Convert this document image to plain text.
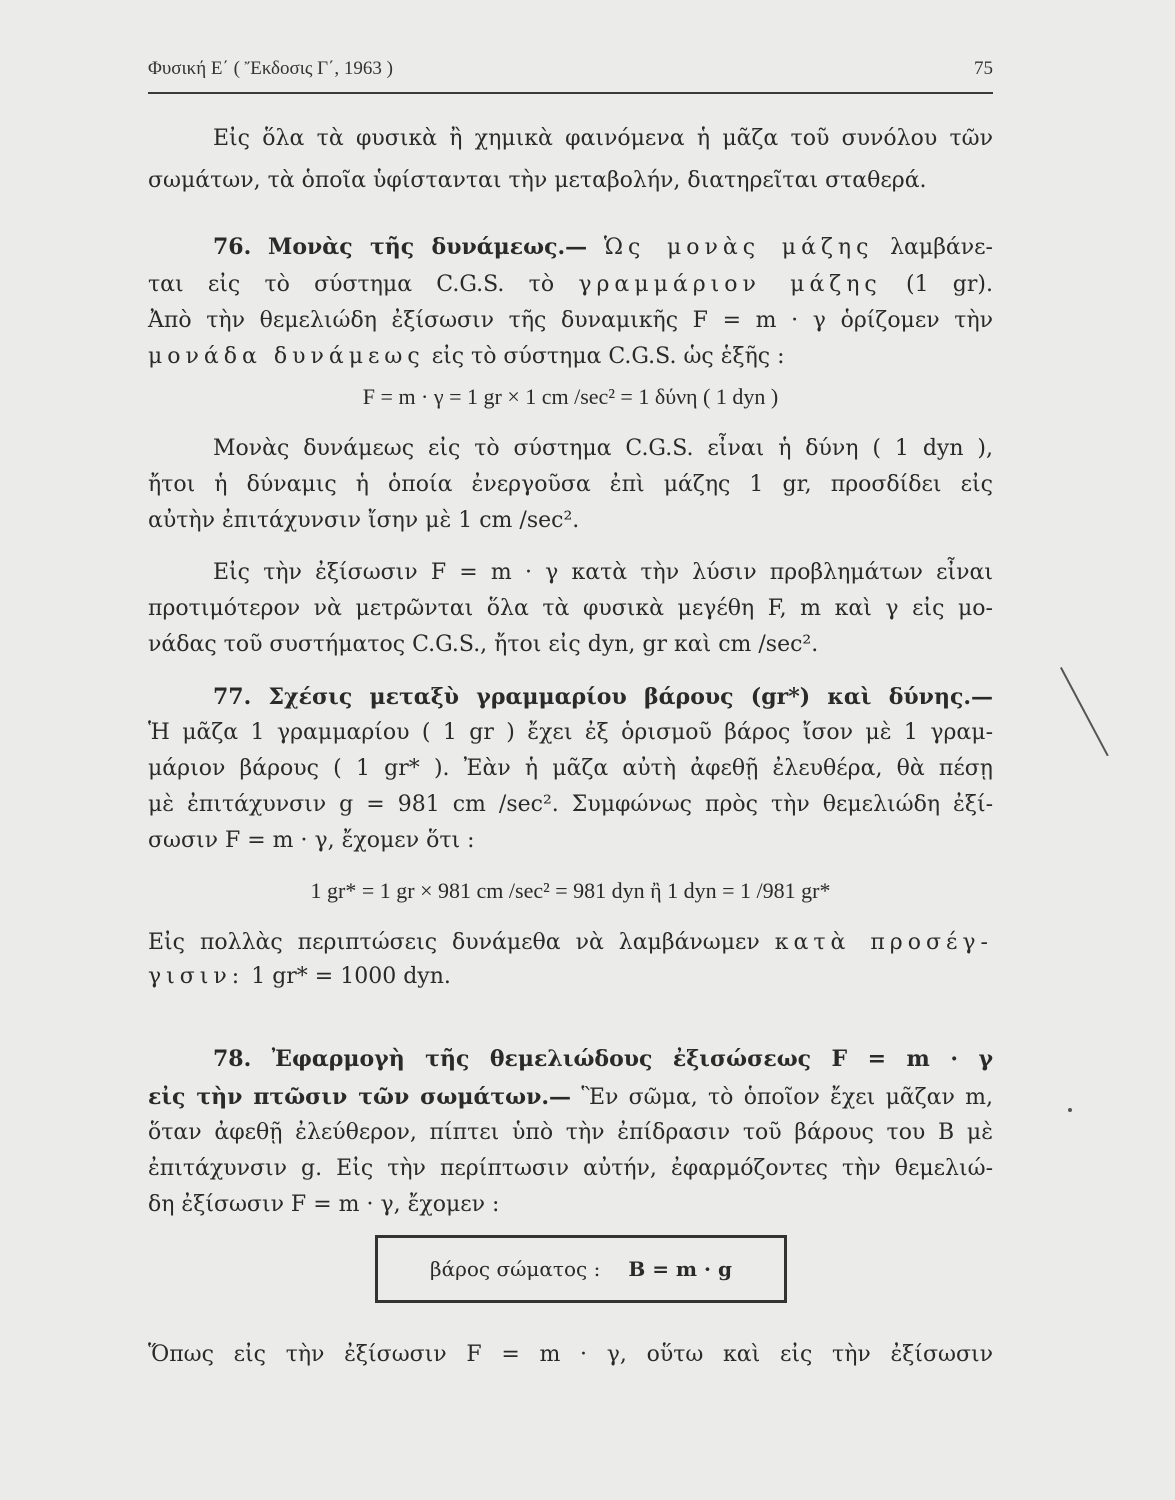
Φυσική Ε΄ ( Ἔκδοσις Γ΄, 1963 )	75
Εἰς ὅλα τὰ φυσικὰ ἢ χημικὰ φαινόμενα ἡ μᾶζα τοῦ συνόλου τῶν
σωμάτων, τὰ ὁποῖα ὑφίστανται τὴν μεταβολήν, διατηρεῖται σταθερά.
76. Μονὰς τῆς δυνάμεως.— Ὡς μονὰς μάζης λαμβάνε-
ται εἰς τὸ σύστημα C.G.S. τὸ γραμμάριον μάζης (1 gr).
Ἀπὸ τὴν θεμελιώδη ἐξίσωσιν τῆς δυναμικῆς F = m · γ ὁρίζομεν τὴν
μονάδα δυνάμεως εἰς τὸ σύστημα C.G.S. ὡς ἑξῆς :
F = m · γ = 1 gr × 1 cm /sec² = 1 δύνη ( 1 dyn )
Μονὰς δυνάμεως εἰς τὸ σύστημα C.G.S. εἶναι ἡ δύνη ( 1 dyn ),
ἤτοι ἡ δύναμις ἡ ὁποία ἐνεργοῦσα ἐπὶ μάζης 1 gr, προσδίδει εἰς
αὐτὴν ἐπιτάχυνσιν ἴσην μὲ 1 cm /sec².
Εἰς τὴν ἐξίσωσιν F = m · γ κατὰ τὴν λύσιν προβλημάτων εἶναι
προτιμότερον νὰ μετρῶνται ὅλα τὰ φυσικὰ μεγέθη F, m καὶ γ εἰς μο-
νάδας τοῦ συστήματος C.G.S., ἤτοι εἰς dyn, gr καὶ cm /sec².
77. Σχέσις μεταξὺ γραμμαρίου βάρους (gr*) καὶ δύνης.—
Ἡ μᾶζα 1 γραμμαρίου ( 1 gr ) ἔχει ἐξ ὁρισμοῦ βάρος ἴσον μὲ 1 γραμ-
μάριον βάρους ( 1 gr* ). Ἐὰν ἡ μᾶζα αὐτὴ ἀφεθῇ ἐλευθέρα, θὰ πέσῃ
μὲ ἐπιτάχυνσιν g = 981 cm /sec². Συμφώνως πρὸς τὴν θεμελιώδη ἐξί-
σωσιν F = m · γ, ἔχομεν ὅτι :
1 gr* = 1 gr × 981 cm /sec² = 981 dyn ἢ 1 dyn = 1 /981 gr*
Εἰς πολλὰς περιπτώσεις δυνάμεθα νὰ λαμβάνωμεν κατὰ προσέγ-
γισιν: 1 gr* = 1000 dyn.
78. Ἐφαρμογὴ τῆς θεμελιώδους ἐξισώσεως F = m · γ
εἰς τὴν πτῶσιν τῶν σωμάτων.— Ἓν σῶμα, τὸ ὁποῖον ἔχει μᾶζαν m,
ὅταν ἀφεθῇ ἐλεύθερον, πίπτει ὑπὸ τὴν ἐπίδρασιν τοῦ βάρους του Β μὲ
ἐπιτάχυνσιν g. Εἰς τὴν περίπτωσιν αὐτήν, ἐφαρμόζοντες τὴν θεμελιώ-
δη ἐξίσωσιν F = m · γ, ἔχομεν :
βάρος σώματος : B = m · g
Ὅπως εἰς τὴν ἐξίσωσιν F = m · γ, οὕτω καὶ εἰς τὴν ἐξίσωσιν
